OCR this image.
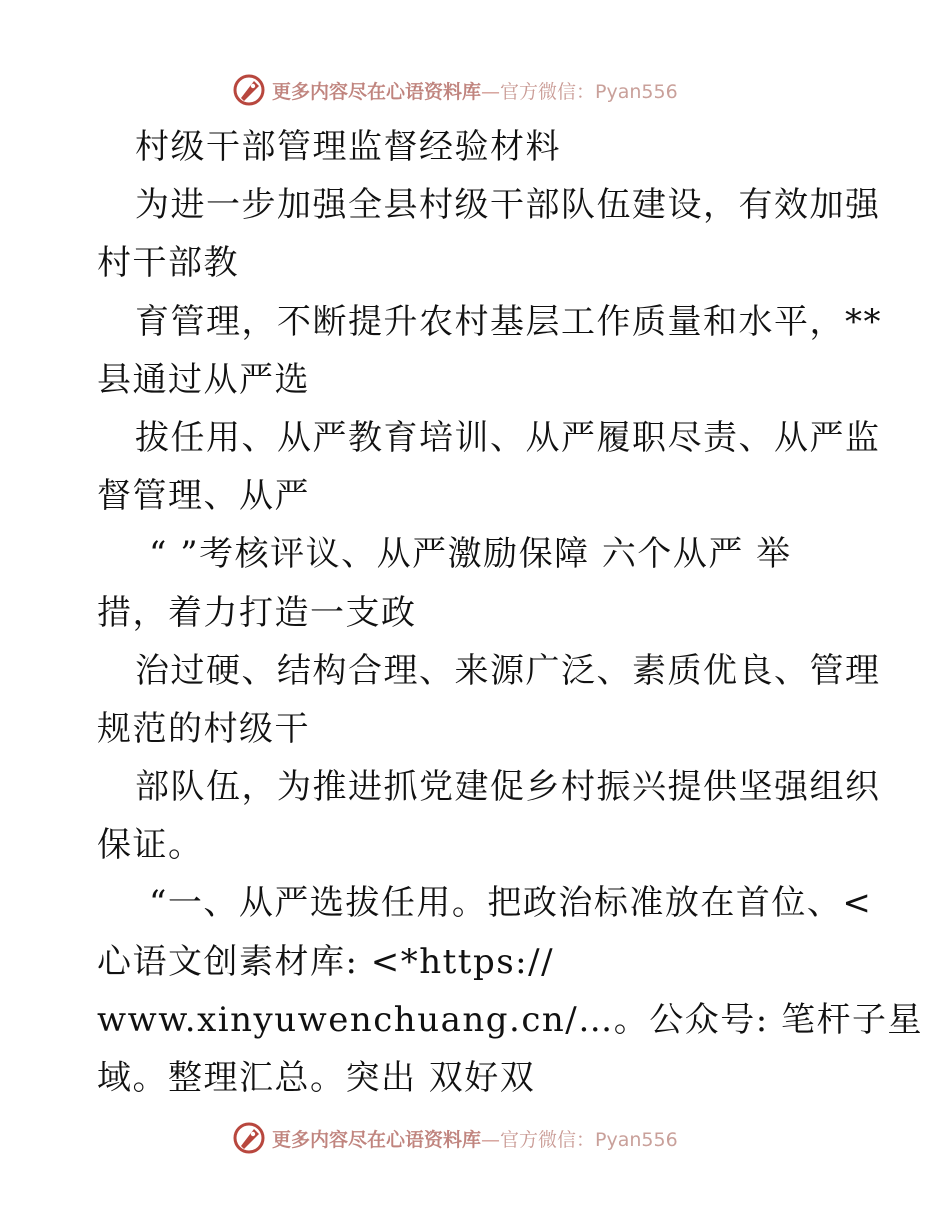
更多内容尽在心语资料库—官方微信：Pyan556
村级干部管理监督经验材料
为进一步加强全县村级干部队伍建设，有效加强
村干部教
育管理，不断提升农村基层工作质量和水平，**
县通过从严选
拔任用、从严教育培训、从严履职尽责、从严监
督管理、从严
“ ”考核评议、从严激励保障 六个从严 举
措，着力打造一支政
治过硬、结构合理、来源广泛、素质优良、管理
规范的村级干
部队伍，为推进抓党建促乡村振兴提供坚强组织
保证。
“一、从严选拔任用。把政治标准放在首位、<
心语文创素材库: <*https://
www.xinyuwenchuang.cn/…。公众号: 笔杆子星
域。整理汇总。突出 双好双
更多内容尽在心语资料库—官方微信：Pyan556
